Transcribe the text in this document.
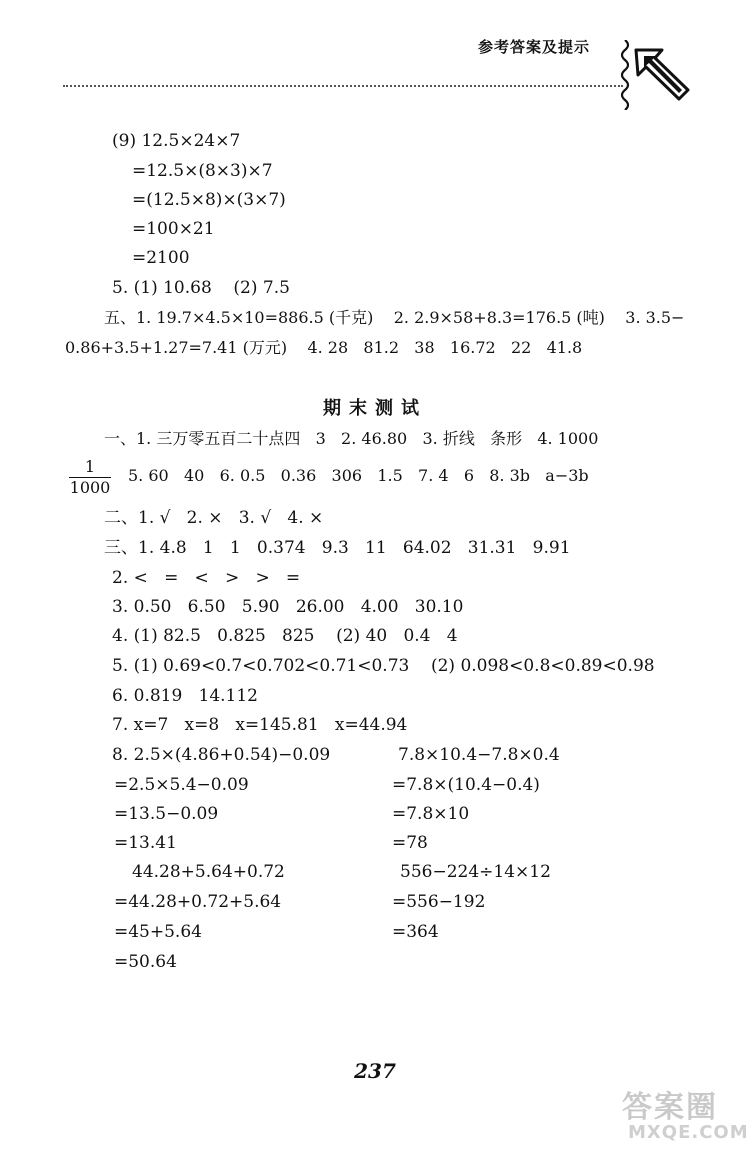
参考答案及提示
(9) 12.5×24×7
=12.5×(8×3)×7
=(12.5×8)×(3×7)
=100×21
=2100
5. (1) 10.68    (2) 7.5
五、1. 19.7×4.5×10=886.5 (千克)    2. 2.9×58+8.3=176.5 (吨)    3. 3.5−
0.86+3.5+1.27=7.41 (万元)    4. 28   81.2   38   16.72   22   41.8
期末测试
一、1. 三万零五百二十点四   3   2. 46.80   3. 折线   条形   4. 1000
1
1000
5. 60   40   6. 0.5   0.36   306   1.5   7. 4   6   8. 3b   a−3b
二、1. √   2. ×   3. √   4. ×
三、1. 4.8   1   1   0.374   9.3   11   64.02   31.31   9.91
2. <   =   <   >   >   =
3. 0.50   6.50   5.90   26.00   4.00   30.10
4. (1) 82.5   0.825   825    (2) 40   0.4   4
5. (1) 0.69<0.7<0.702<0.71<0.73    (2) 0.098<0.8<0.89<0.98
6. 0.819   14.112
7. x=7   x=8   x=145.81   x=44.94
8. 2.5×(4.86+0.54)−0.09
=2.5×5.4−0.09
=13.5−0.09
=13.41
44.28+5.64+0.72
=44.28+0.72+5.64
=45+5.64
=50.64
7.8×10.4−7.8×0.4
=7.8×(10.4−0.4)
=7.8×10
=78
556−224÷14×12
=556−192
=364
237
答案圈
MXQE.COM
